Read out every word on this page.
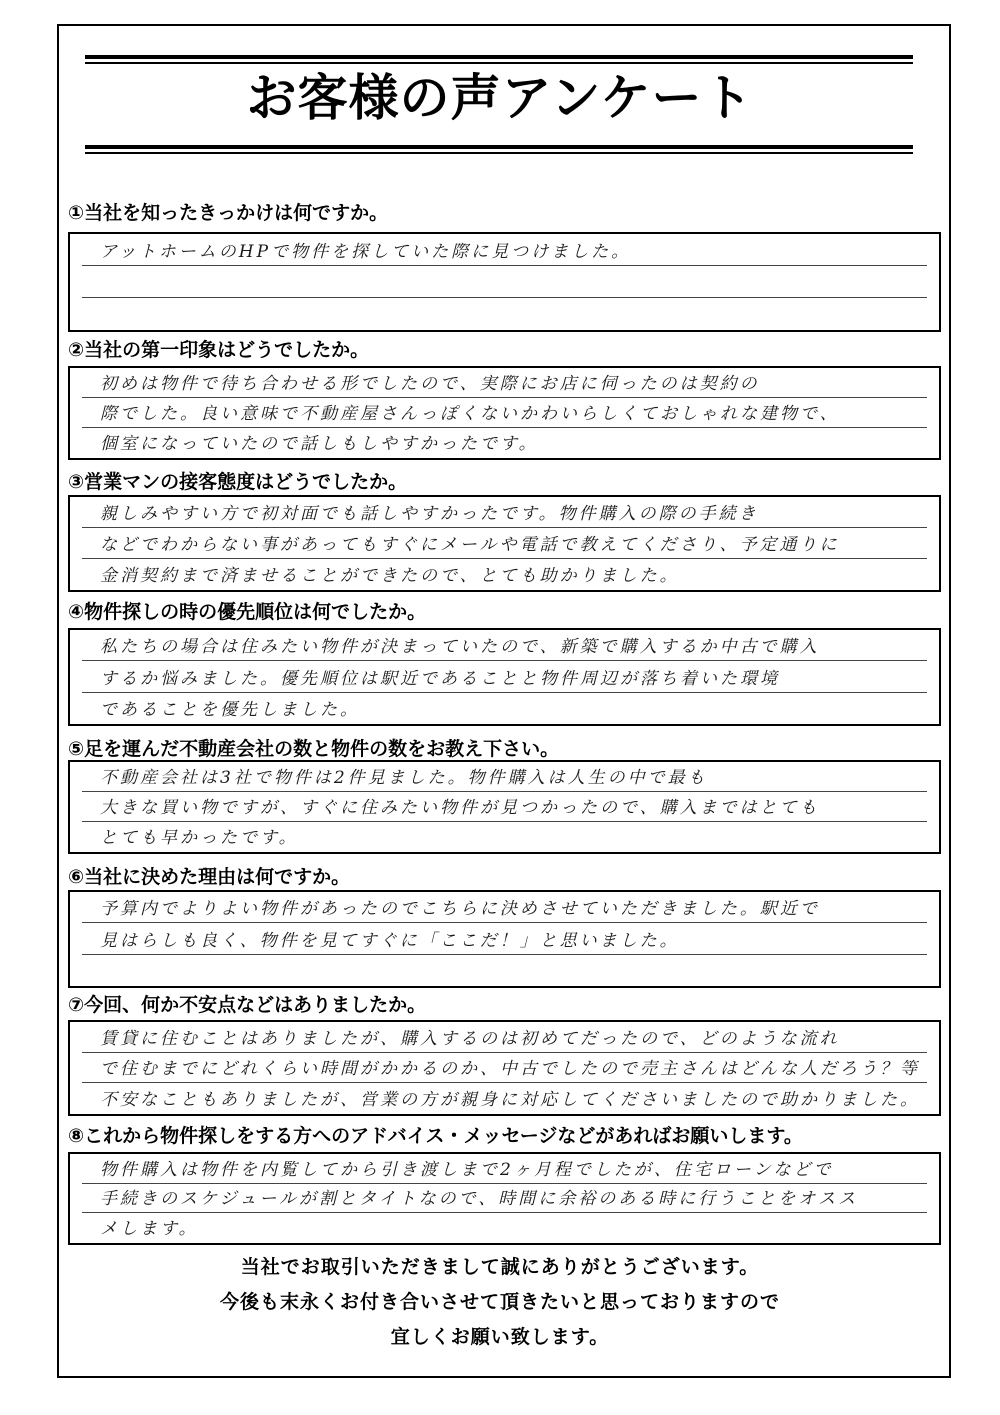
お客様の声アンケート
①当社を知ったきっかけは何ですか。
アットホームのHPで物件を探していた際に見つけました。
②当社の第一印象はどうでしたか。
初めは物件で待ち合わせる形でしたので、実際にお店に伺ったのは契約の
際でした。良い意味で不動産屋さんっぽくないかわいらしくておしゃれな建物で、
個室になっていたので話しもしやすかったです。
③営業マンの接客態度はどうでしたか。
親しみやすい方で初対面でも話しやすかったです。物件購入の際の手続き
などでわからない事があってもすぐにメールや電話で教えてくださり、予定通りに
金消契約まで済ませることができたので、とても助かりました。
④物件探しの時の優先順位は何でしたか。
私たちの場合は住みたい物件が決まっていたので、新築で購入するか中古で購入
するか悩みました。優先順位は駅近であることと物件周辺が落ち着いた環境
であることを優先しました。
⑤足を運んだ不動産会社の数と物件の数をお教え下さい。
不動産会社は3社で物件は2件見ました。物件購入は人生の中で最も
大きな買い物ですが、すぐに住みたい物件が見つかったので、購入まではとても
とても早かったです。
⑥当社に決めた理由は何ですか。
予算内でよりよい物件があったのでこちらに決めさせていただきました。駅近で
見はらしも良く、物件を見てすぐに「ここだ！」と思いました。
⑦今回、何か不安点などはありましたか。
賃貸に住むことはありましたが、購入するのは初めてだったので、どのような流れ
で住むまでにどれくらい時間がかかるのか、中古でしたので売主さんはどんな人だろう？等
不安なこともありましたが、営業の方が親身に対応してくださいましたので助かりました。
⑧これから物件探しをする方へのアドバイス・メッセージなどがあればお願いします。
物件購入は物件を内覧してから引き渡しまで2ヶ月程でしたが、住宅ローンなどで
手続きのスケジュールが割とタイトなので、時間に余裕のある時に行うことをオスス
メします。
当社でお取引いただきまして誠にありがとうございます。
今後も末永くお付き合いさせて頂きたいと思っておりますので
宜しくお願い致します。
